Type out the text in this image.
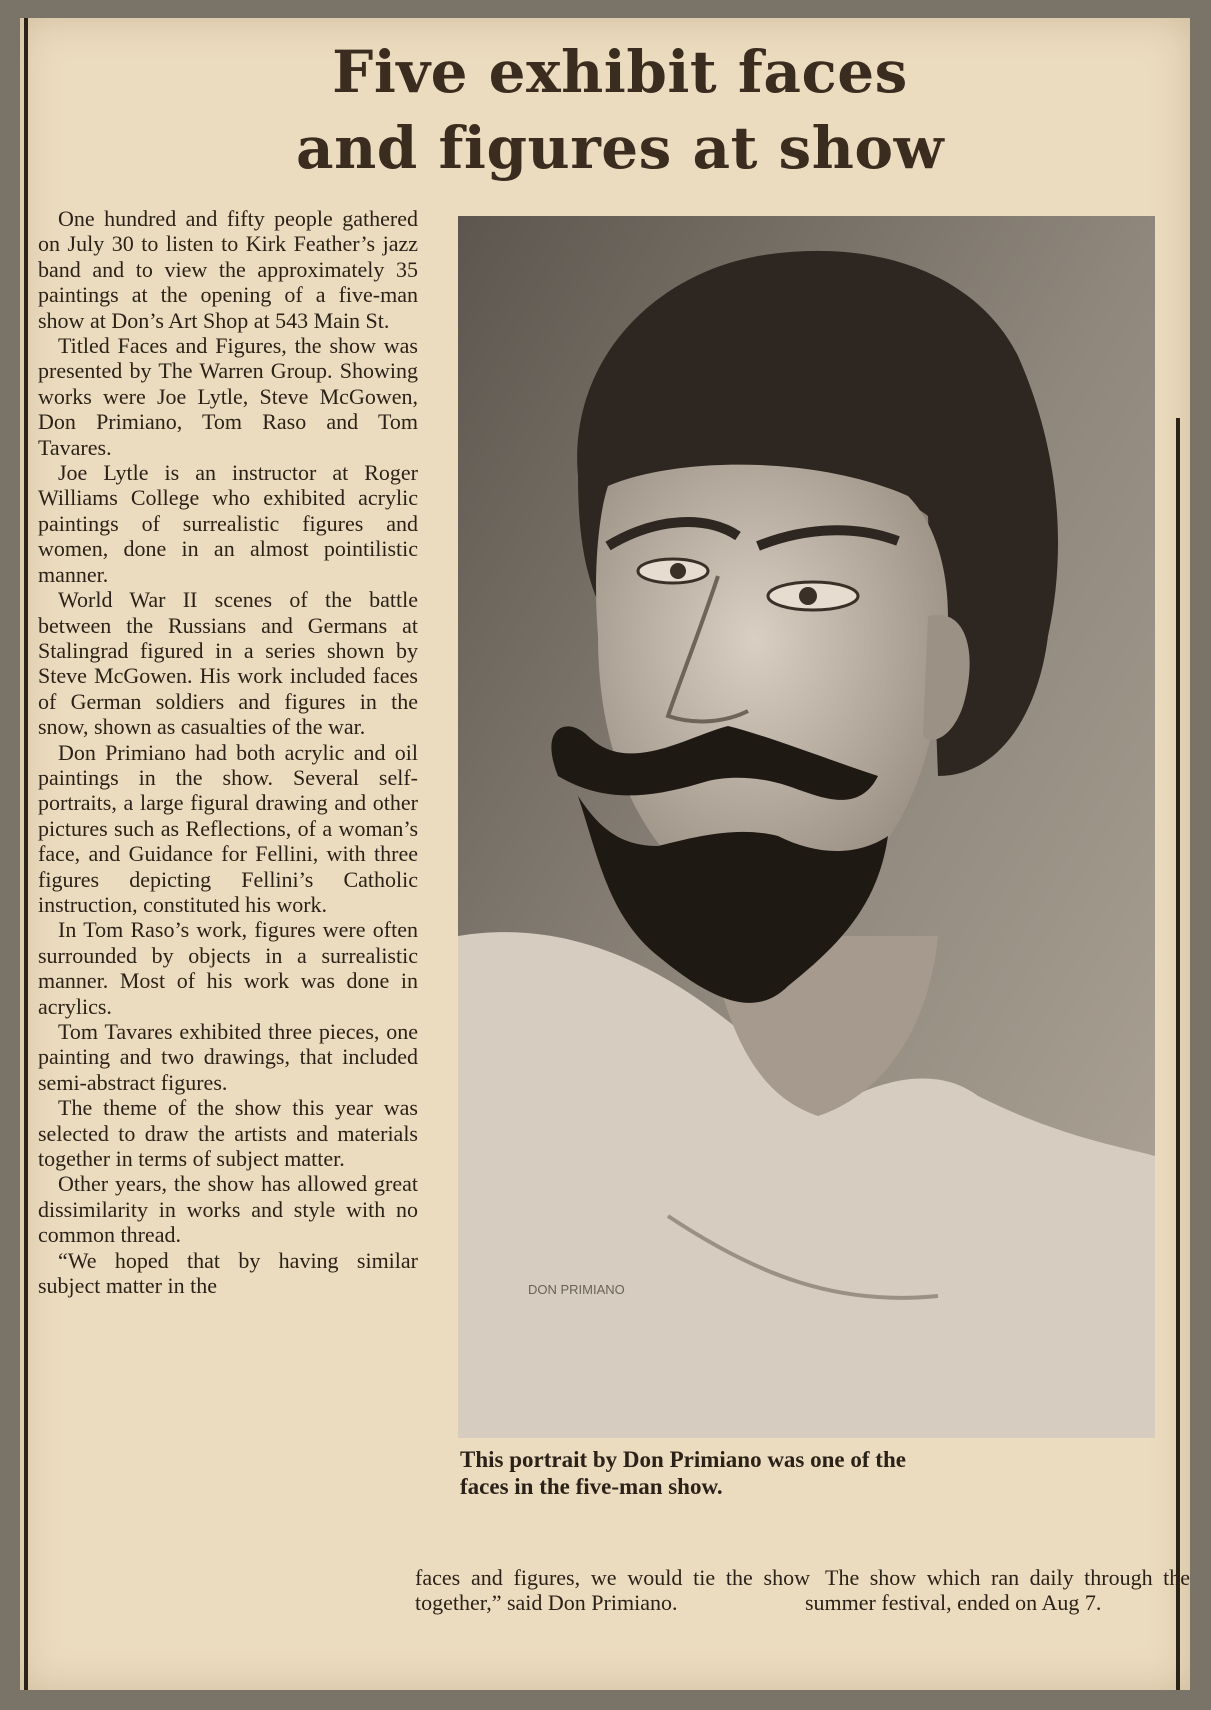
Five exhibit faces
and figures at show

One hundred and fifty people gathered on July 30 to listen to Kirk Feather’s jazz band and to view the approximately 35 paintings at the opening of a five-man show at Don’s Art Shop at 543 Main St.

Titled Faces and Figures, the show was presented by The Warren Group. Showing works were Joe Lytle, Steve McGowen, Don Primiano, Tom Raso and Tom Tavares.

Joe Lytle is an instructor at Roger Williams College who exhibited acrylic paintings of surrealistic figures and women, done in an almost pointilistic manner.

World War II scenes of the battle between the Russians and Germans at Stalingrad figured in a series shown by Steve McGowen. His work included faces of German soldiers and figures in the snow, shown as casualties of the war.

Don Primiano had both acrylic and oil paintings in the show. Several self-portraits, a large figural drawing and other pictures such as Reflections, of a woman’s face, and Guidance for Fellini, with three figures depicting Fellini’s Catholic instruction, constituted his work.

In Tom Raso’s work, figures were often surrounded by objects in a surrealistic manner. Most of his work was done in acrylics.

Tom Tavares exhibited three pieces, one painting and two drawings, that included semi-abstract figures.

The theme of the show this year was selected to draw the artists and materials together in terms of subject matter.

Other years, the show has allowed great dissimilarity in works and style with no common thread.

“We hoped that by having similar subject matter in the	DON PRIMIANO
This portrait by Don Primiano was one of the
faces in the five-man show.

faces and figures, we would tie the show together,” said Don Primiano.

The show which ran daily through the summer festival, ended on Aug 7.
